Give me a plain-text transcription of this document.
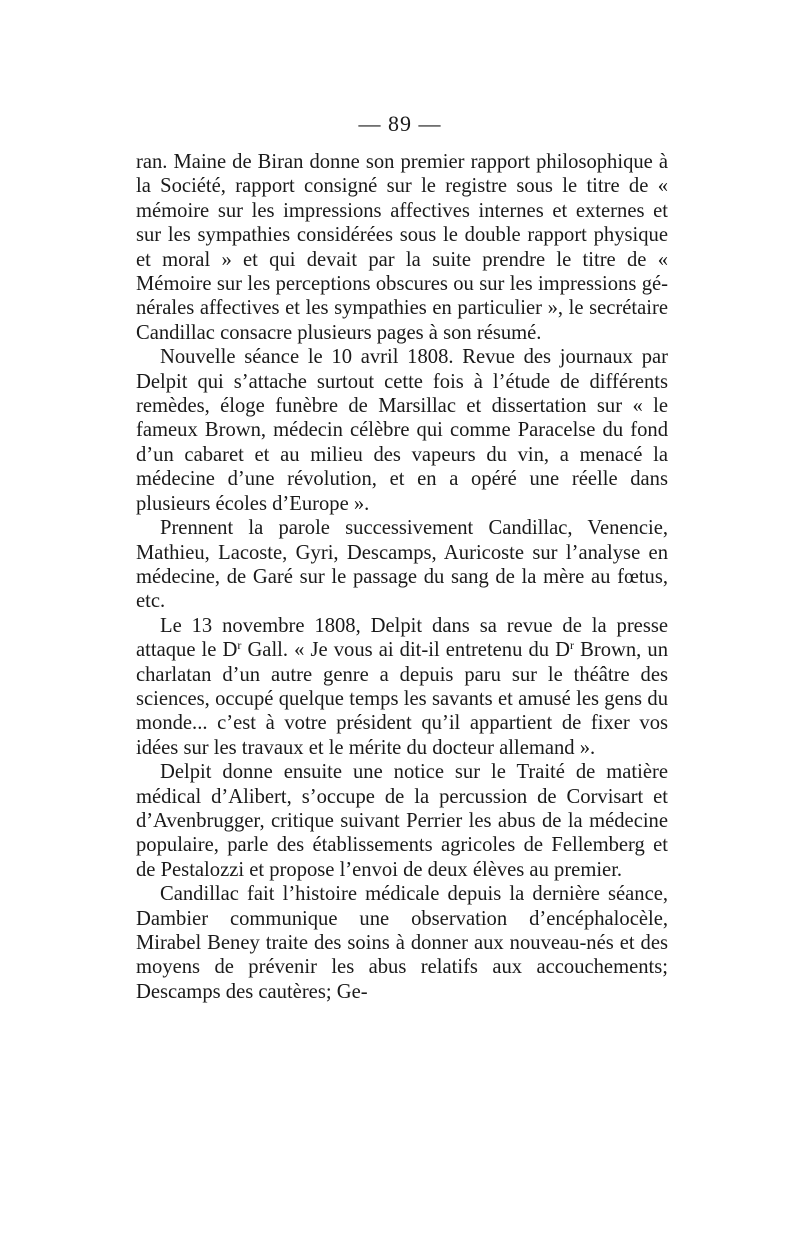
— 89 —

ran. Maine de Biran donne son premier rapport philosophique à la Société, rapport consigné sur le registre sous le titre de « mémoire sur les impressions affectives internes et externes et sur les sympathies considérées sous le double rapport physique et moral » et qui devait par la suite prendre le titre de « Mémoire sur les perceptions obscures ou sur les impressions générales affectives et les sympathies en particulier », le secrétaire Candillac consacre plusieurs pages à son résumé.

Nouvelle séance le 10 avril 1808. Revue des journaux par Delpit qui s’attache surtout cette fois à l’étude de différents remèdes, éloge funèbre de Marsillac et dissertation sur « le fameux Brown, médecin célèbre qui comme Paracelse du fond d’un cabaret et au milieu des vapeurs du vin, a menacé la médecine d’une révolution, et en a opéré une réelle dans plusieurs écoles d’Europe ».

Prennent la parole successivement Candillac, Venencie, Mathieu, Lacoste, Gyri, Descamps, Auricoste sur l’analyse en médecine, de Garé sur le passage du sang de la mère au fœtus, etc.

Le 13 novembre 1808, Delpit dans sa revue de la presse attaque le $D^r$ Gall. « Je vous ai dit-il entretenu du $D^r$ Brown, un charlatan d’un autre genre a depuis paru sur le théâtre des sciences, occupé quelque temps les savants et amusé les gens du monde... c’est à votre président qu’il appartient de fixer vos idées sur les travaux et le mérite du docteur allemand ».

Delpit donne ensuite une notice sur le Traité de matière médical d’Alibert, s’occupe de la percussion de Corvisart et d’Avenbrugger, critique suivant Perrier les abus de la médecine populaire, parle des établissements agricoles de Fellemberg et de Pestalozzi et propose l’envoi de deux élèves au premier.

Candillac fait l’histoire médicale depuis la dernière séance, Dambier communique une observation d’encéphalocèle, Mirabel Beney traite des soins à donner aux nouveau-nés et des moyens de prévenir les abus relatifs aux accouchements; Descamps des cautères; Ge-
